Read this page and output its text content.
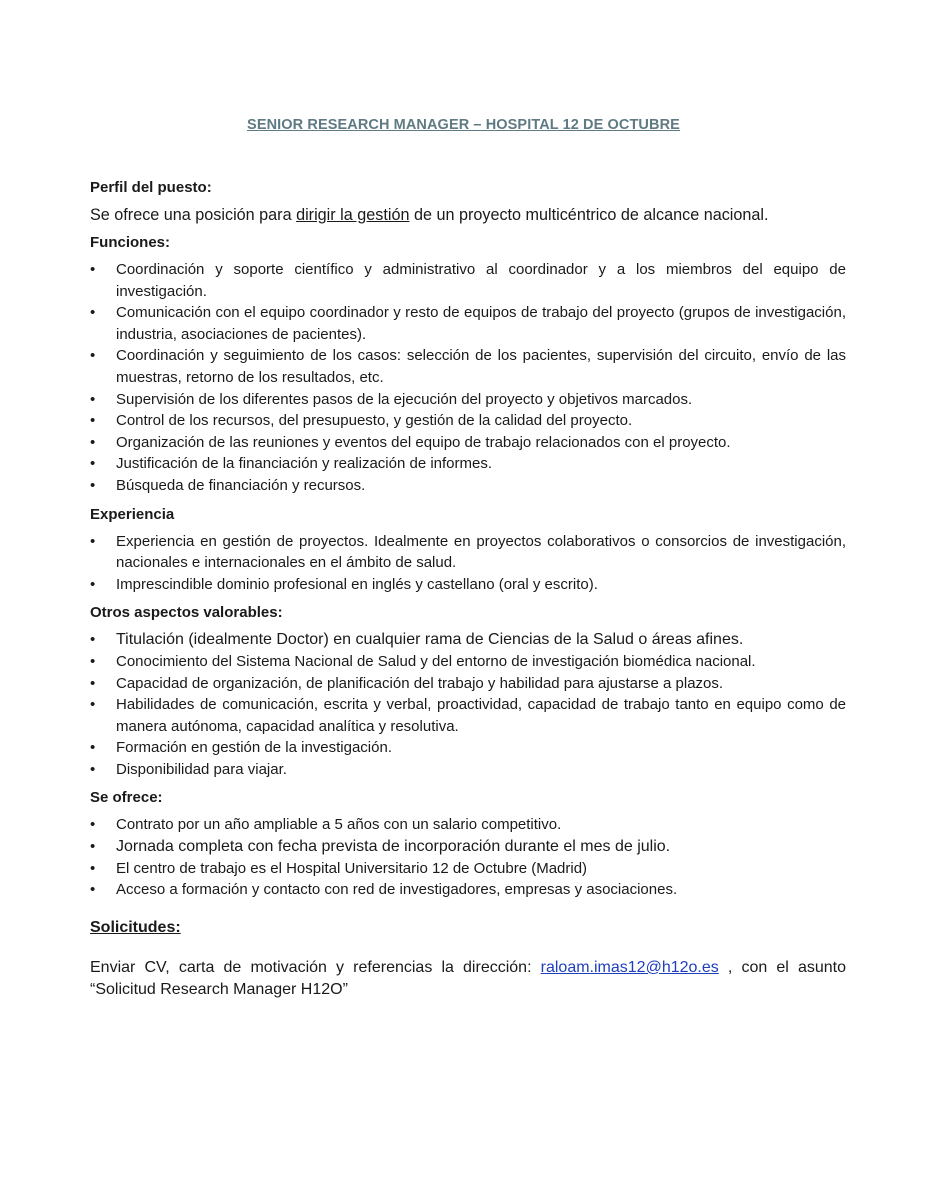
SENIOR RESEARCH MANAGER – HOSPITAL 12 DE OCTUBRE
Perfil del puesto:
Se ofrece una posición para dirigir la gestión de un proyecto multicéntrico de alcance nacional.
Funciones:
• Coordinación y soporte científico y administrativo al coordinador y a los miembros del equipo de investigación.
• Comunicación con el equipo coordinador y resto de equipos de trabajo del proyecto (grupos de investigación, industria, asociaciones de pacientes).
• Coordinación y seguimiento de los casos: selección de los pacientes, supervisión del circuito, envío de las muestras, retorno de los resultados, etc.
• Supervisión de los diferentes pasos de la ejecución del proyecto y objetivos marcados.
• Control de los recursos, del presupuesto, y gestión de la calidad del proyecto.
• Organización de las reuniones y eventos del equipo de trabajo relacionados con el proyecto.
• Justificación de la financiación y realización de informes.
• Búsqueda de financiación y recursos.
Experiencia
• Experiencia en gestión de proyectos. Idealmente en proyectos colaborativos o consorcios de investigación, nacionales e internacionales en el ámbito de salud.
• Imprescindible dominio profesional en inglés y castellano (oral y escrito).
Otros aspectos valorables:
• Titulación (idealmente Doctor) en cualquier rama de Ciencias de la Salud o áreas afines.
• Conocimiento del Sistema Nacional de Salud y del entorno de investigación biomédica nacional.
• Capacidad de organización, de planificación del trabajo y habilidad para ajustarse a plazos.
• Habilidades de comunicación, escrita y verbal, proactividad, capacidad de trabajo tanto en equipo como de manera autónoma, capacidad analítica y resolutiva.
• Formación en gestión de la investigación.
• Disponibilidad para viajar.
Se ofrece:
• Contrato por un año ampliable a 5 años con un salario competitivo.
• Jornada completa con fecha prevista de incorporación durante el mes de julio.
• El centro de trabajo es el Hospital Universitario 12 de Octubre (Madrid)
• Acceso a formación y contacto con red de investigadores, empresas y asociaciones.
Solicitudes:
Enviar CV, carta de motivación y referencias la dirección: raloam.imas12@h12o.es , con el asunto “Solicitud Research Manager H12O”
